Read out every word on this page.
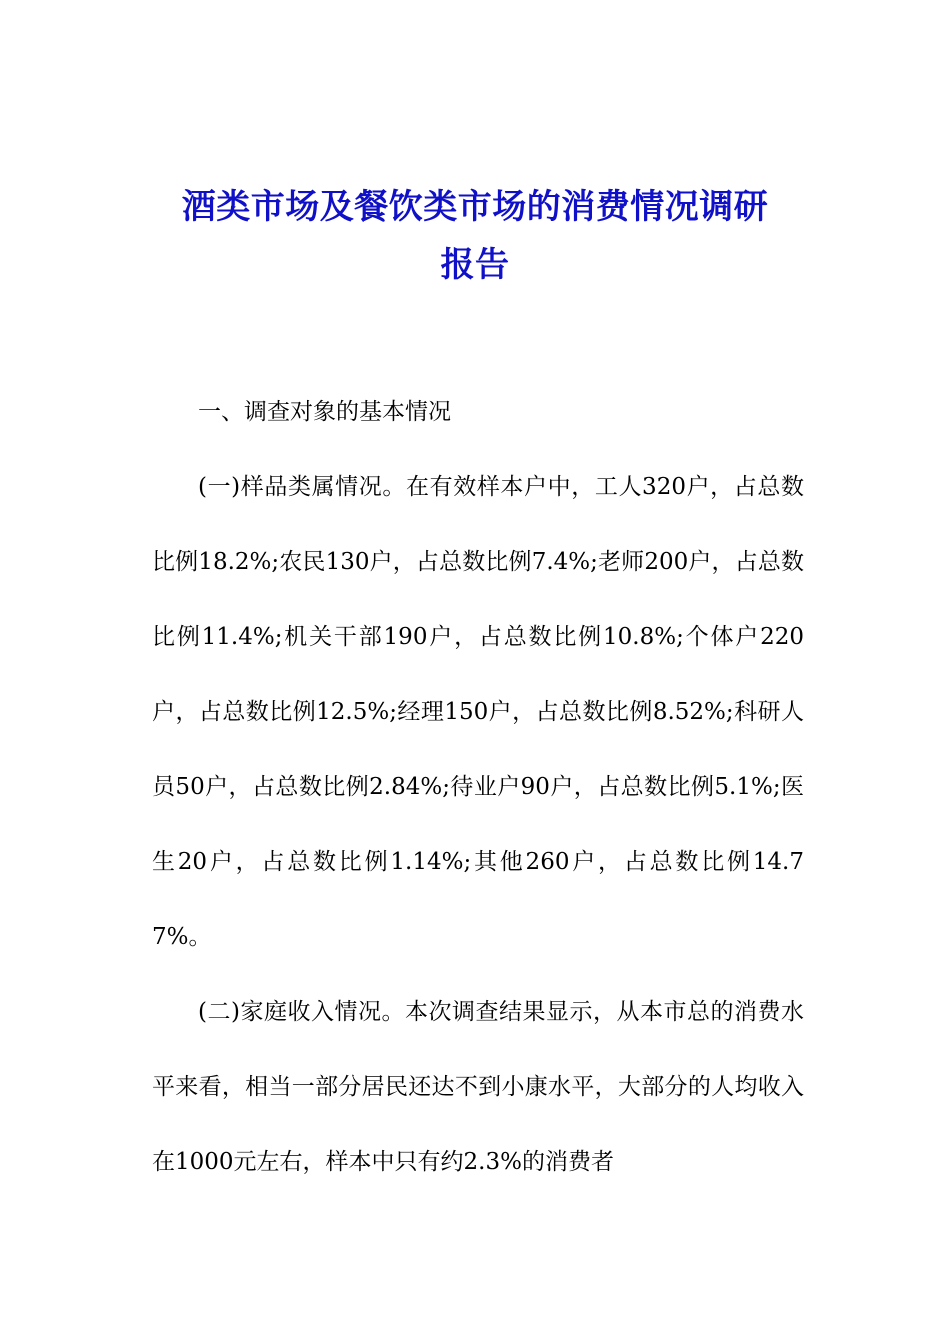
酒类市场及餐饮类市场的消费情况调研
报告

一、调查对象的基本情况

(一)样品类属情况。在有效样本户中，工人320户，占总数比例18.2%;农民130户，占总数比例7.4%;老师200户，占总数比例11.4%;机关干部190户，占总数比例10.8%;个体户220户，占总数比例12.5%;经理150户，占总数比例8.52%;科研人员50户，占总数比例2.84%;待业户90户，占总数比例5.1%;医生20户，占总数比例1.14%;其他260户，占总数比例14.77%。

(二)家庭收入情况。本次调查结果显示，从本市总的消费水平来看，相当一部分居民还达不到小康水平，大部分的人均收入在1000元左右，样本中只有约2.3%的消费者
